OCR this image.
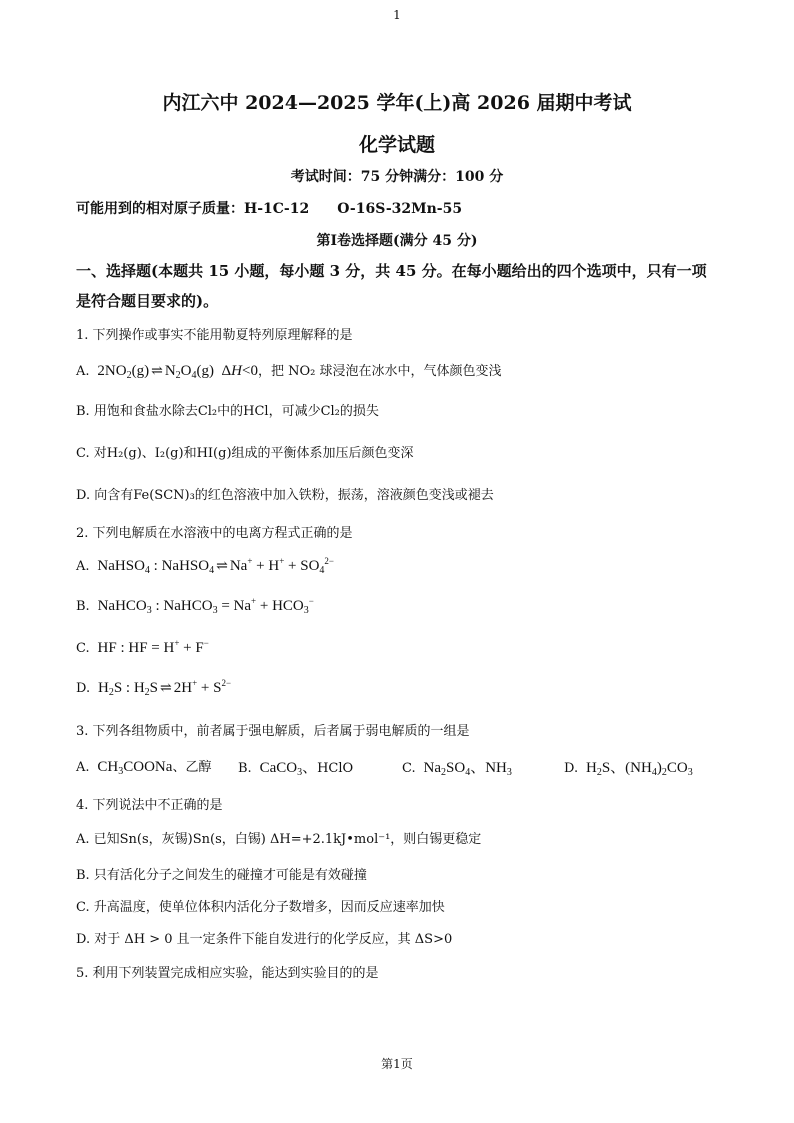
1
内江六中 2024—2025 学年(上)高 2026 届期中考试
化学试题
考试时间：75 分钟满分：100 分
可能用到的相对原子质量：H-1C-12　　O-16S-32Mn-55
第Ⅰ卷选择题(满分 45 分)
一、选择题(本题共 15 小题，每小题 3 分，共 45 分。在每小题给出的四个选项中，只有一项
是符合题目要求的)。
1. 下列操作或事实不能用勒夏特列原理解释的是
A.  $2NO_2(g)$ ⇌ $N_2O_4(g)$  ΔH<0，把 NO₂ 球浸泡在冰水中，气体颜色变浅
B. 用饱和食盐水除去Cl₂中的HCl，可减少Cl₂的损失
C. 对H₂(g)、I₂(g)和HI(g)组成的平衡体系加压后颜色变深
D. 向含有Fe(SCN)₃的红色溶液中加入铁粉，振荡，溶液颜色变浅或褪去
2. 下列电解质在水溶液中的电离方程式正确的是
A.  NaHSO$_4$ : NaHSO$_4$ ⇌ $Na^+ + H^+ + SO_4^{2-}$
B.  NaHCO$_3$ : NaHCO$_3$ = $Na^+ + HCO_3^-$
C.  HF : HF = H+ + F−
D.  $H_2S$ : $H_2S$ ⇌ $2H^+ + S^{2-}$
3. 下列各组物质中，前者属于强电解质，后者属于弱电解质的一组是
A.  $CH_3COONa$、乙醇 B.  CaCO$_3$、HClO	C.  $Na_2SO_4$、$NH_3$	D.  $H_2S$、$(NH_4)_2CO_3$
4. 下列说法中不正确的是
A. 已知Sn(s，灰锡)Sn(s，白锡) ΔH=+2.1kJ•mol⁻¹，则白锡更稳定
B. 只有活化分子之间发生的碰撞才可能是有效碰撞
C. 升高温度，使单位体积内活化分子数增多，因而反应速率加快
D. 对于 ΔH > 0 且一定条件下能自发进行的化学反应，其 ΔS>0
5. 利用下列装置完成相应实验，能达到实验目的的是
第1页
